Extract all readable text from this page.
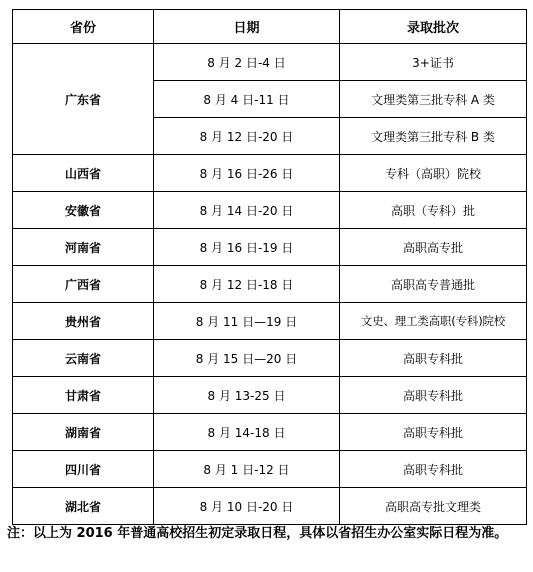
省份	日期	录取批次
广东省	8 月 2 日-4 日	3+证书
	8 月 4 日-11 日	文理类第三批专科 A 类
	8 月 12 日-20 日	文理类第三批专科 B 类
山西省	8 月 16 日-26 日	专科（高职）院校
安徽省	8 月 14 日-20 日	高职（专科）批
河南省	8 月 16 日-19 日	高职高专批
广西省	8 月 12 日-18 日	高职高专普通批
贵州省	8 月 11 日—19 日	文史、理工类高职(专科)院校
云南省	8 月 15 日—20 日	高职专科批
甘肃省	8 月 13-25 日	高职专科批
湖南省	8 月 14-18 日	高职专科批
四川省	8 月 1 日-12 日	高职专科批
湖北省	8 月 10 日-20 日	高职高专批文理类
注：以上为 2016 年普通高校招生初定录取日程，具体以省招生办公室实际日程为准。
